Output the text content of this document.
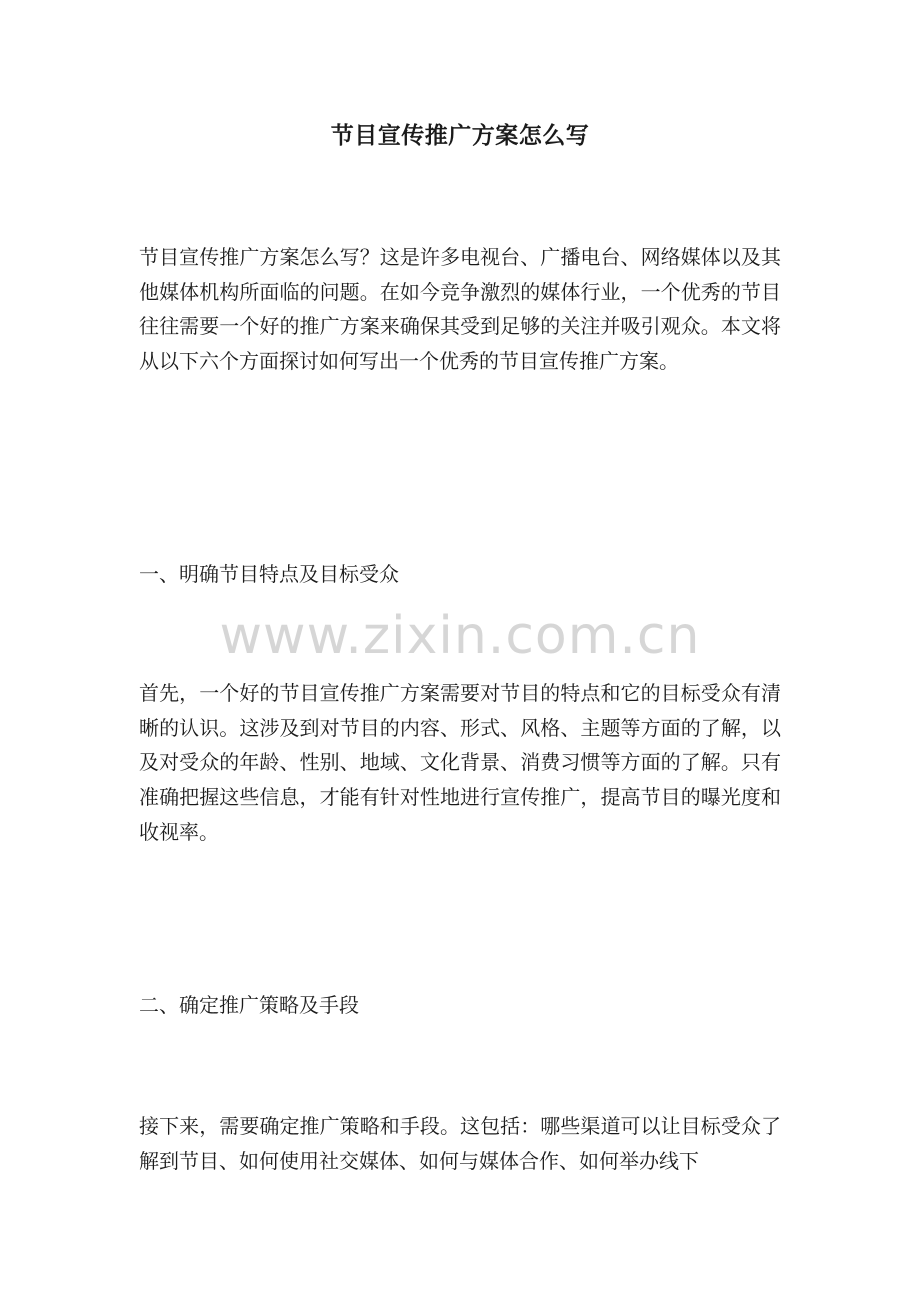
节目宣传推广方案怎么写

节目宣传推广方案怎么写？这是许多电视台、广播电台、网络媒体以及其他媒体机构所面临的问题。在如今竞争激烈的媒体行业，一个优秀的节目往往需要一个好的推广方案来确保其受到足够的关注并吸引观众。本文将从以下六个方面探讨如何写出一个优秀的节目宣传推广方案。

一、明确节目特点及目标受众

www.zixin.com.cn

首先，一个好的节目宣传推广方案需要对节目的特点和它的目标受众有清晰的认识。这涉及到对节目的内容、形式、风格、主题等方面的了解，以及对受众的年龄、性别、地域、文化背景、消费习惯等方面的了解。只有准确把握这些信息，才能有针对性地进行宣传推广，提高节目的曝光度和收视率。

二、确定推广策略及手段

接下来，需要确定推广策略和手段。这包括：哪些渠道可以让目标受众了解到节目、如何使用社交媒体、如何与媒体合作、如何举办线下
